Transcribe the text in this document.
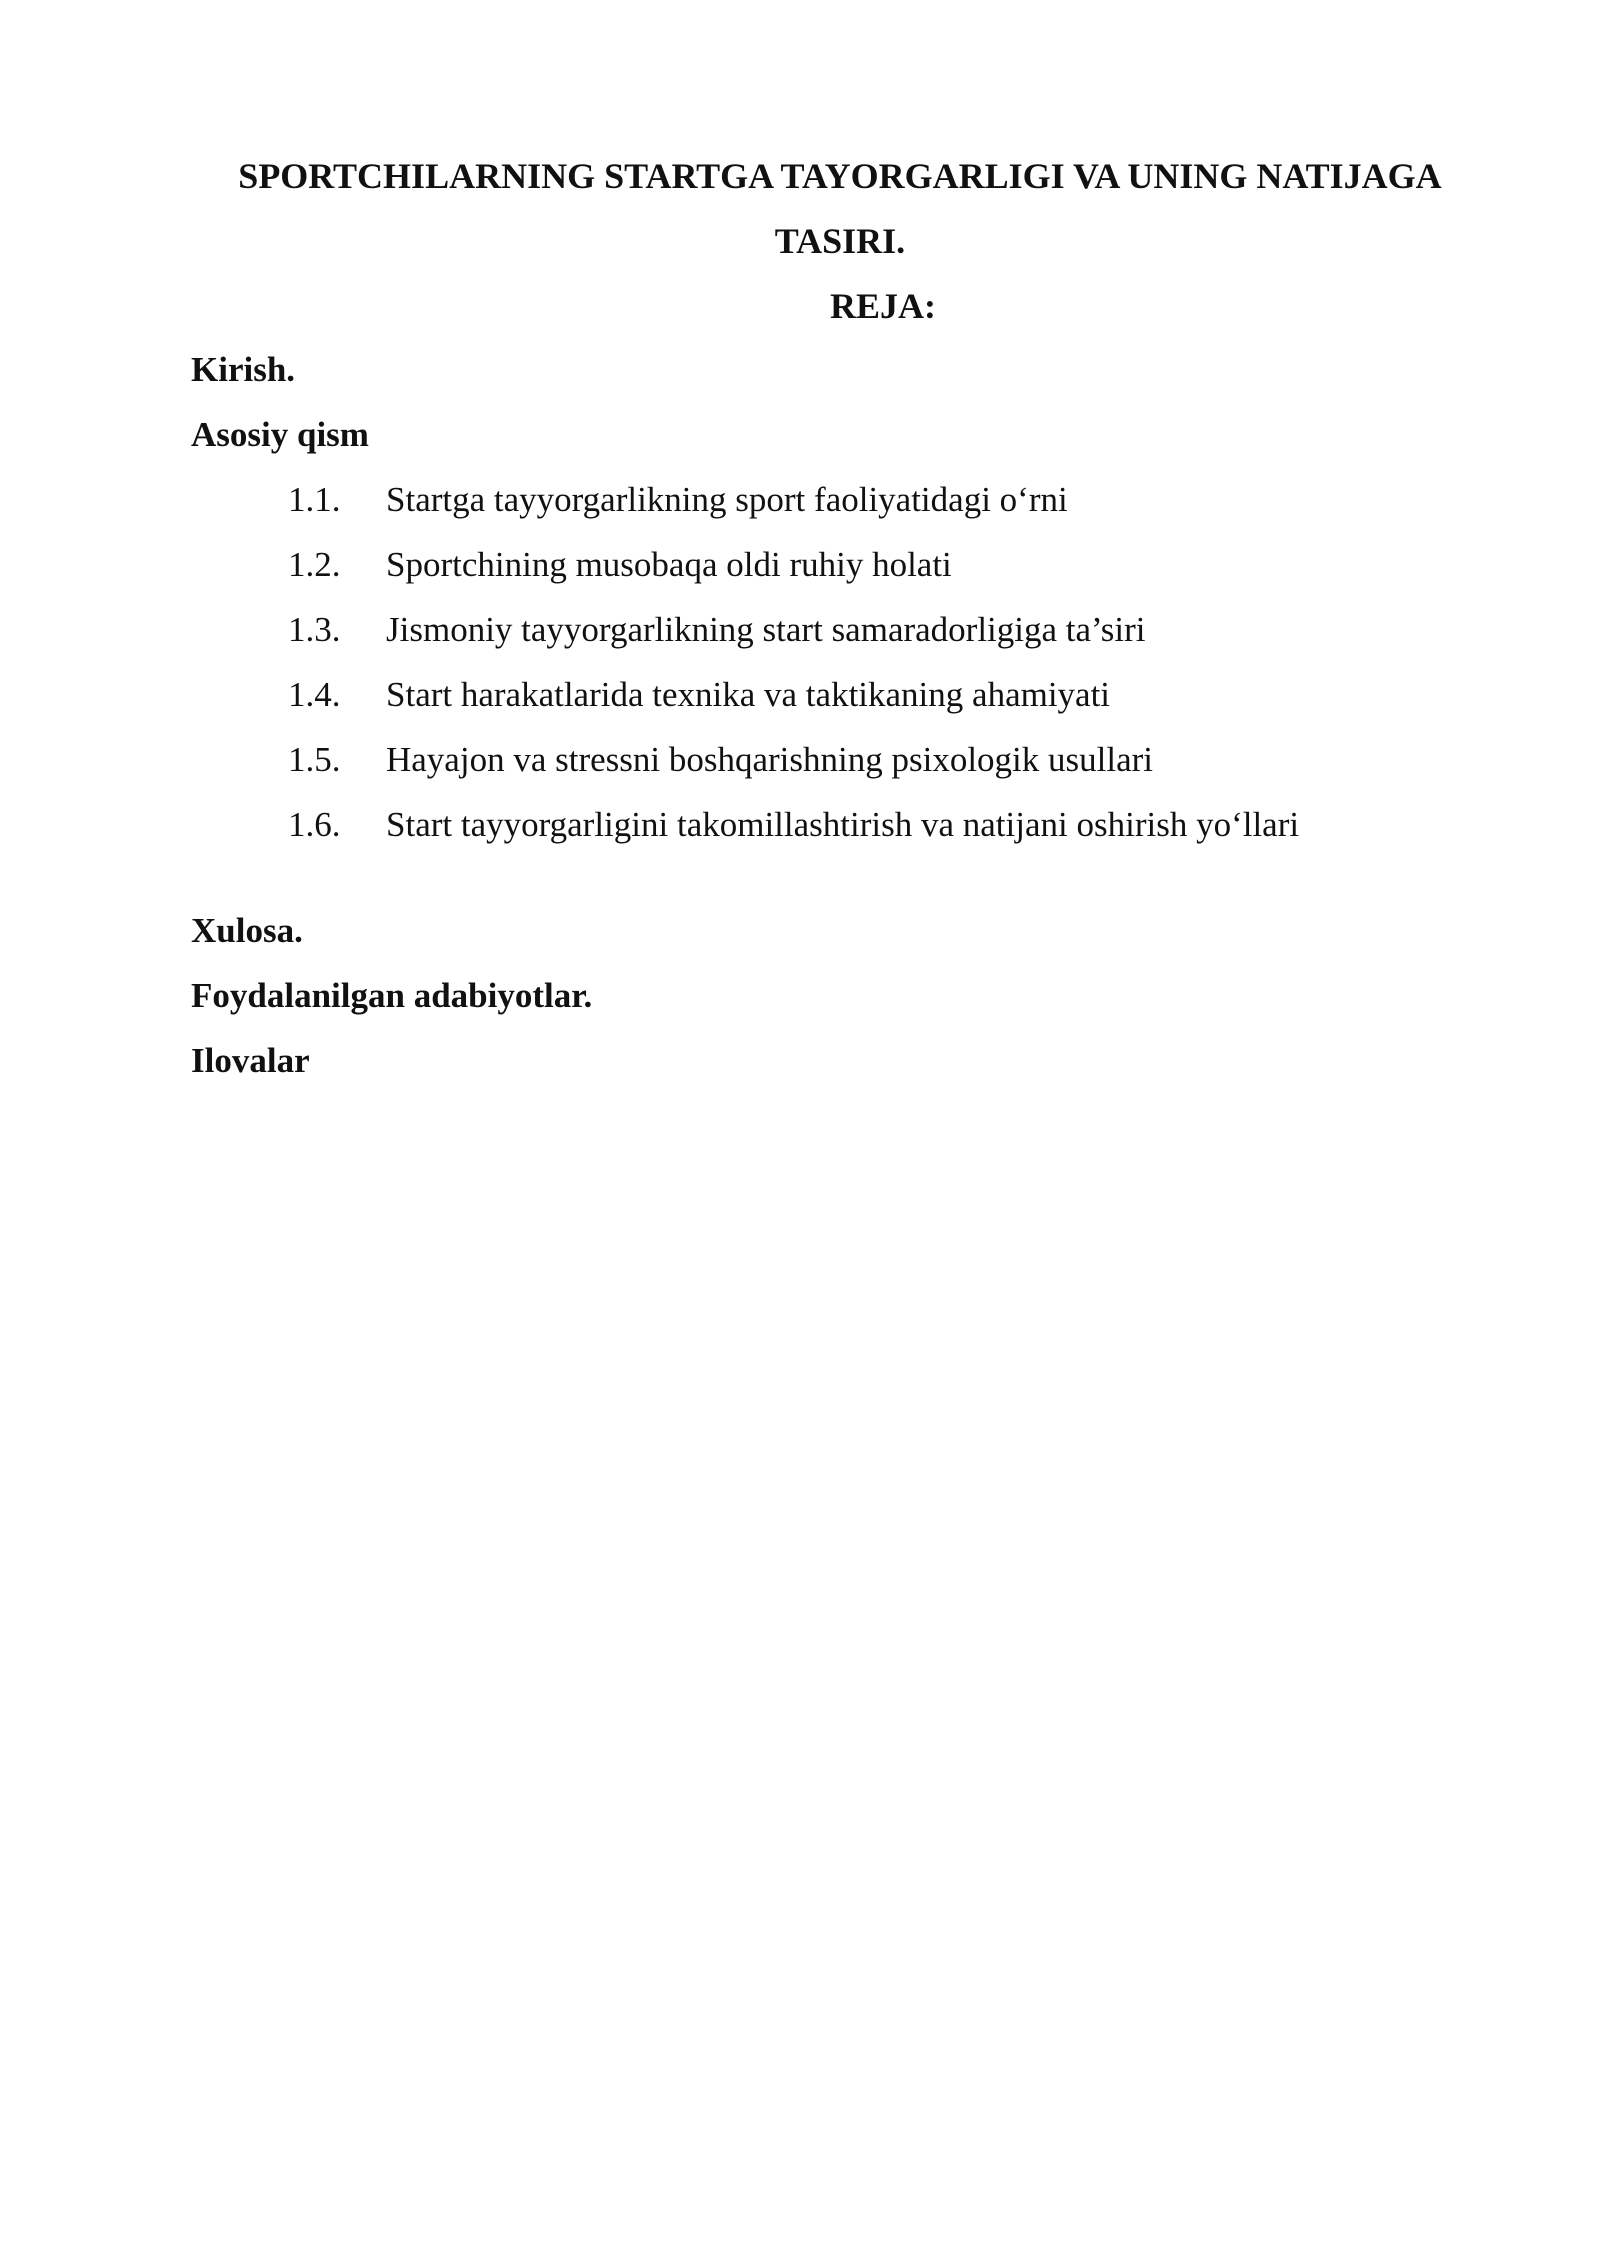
SPORTCHILARNING STARTGA TAYORGARLIGI VA UNING NATIJAGA
TASIRI.
REJA:
Kirish.
Asosiy qism
1.1. Startga tayyorgarlikning sport faoliyatidagi o‘rni
1.2. Sportchining musobaqa oldi ruhiy holati
1.3. Jismoniy tayyorgarlikning start samaradorligiga ta’siri
1.4. Start harakatlarida texnika va taktikaning ahamiyati
1.5. Hayajon va stressni boshqarishning psixologik usullari
1.6. Start tayyorgarligini takomillashtirish va natijani oshirish yo‘llari
Xulosa.
Foydalanilgan adabiyotlar.
Ilovalar
